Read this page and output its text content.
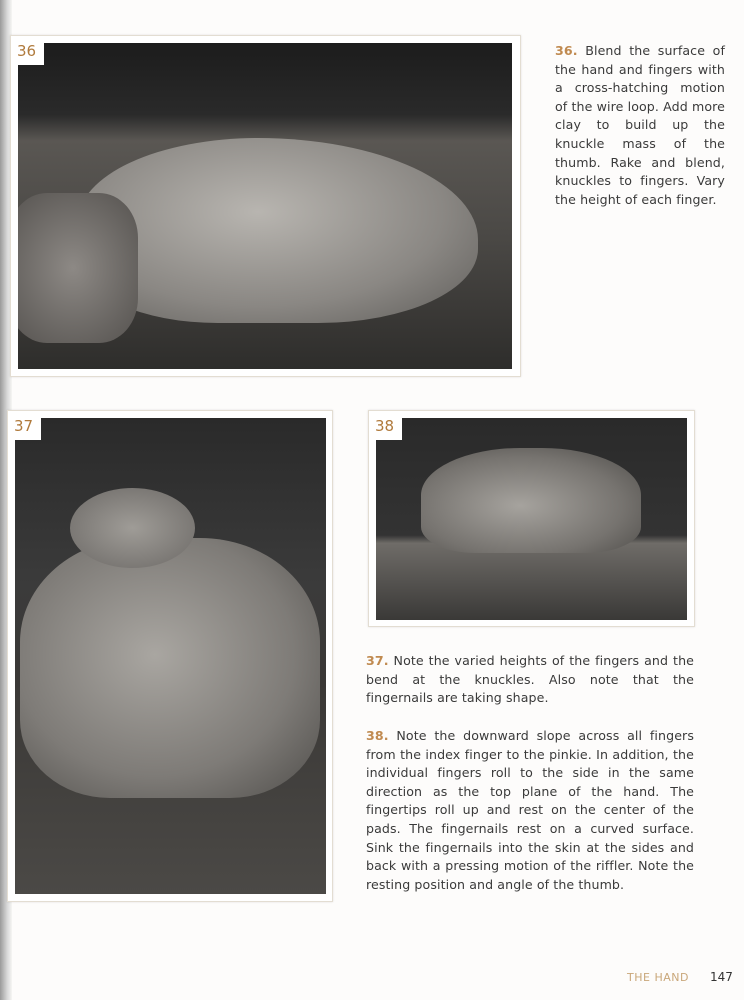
36
37	38
36. Blend the surface of the hand and fingers with a cross-hatching motion of the wire loop. Add more clay to build up the knuckle mass of the thumb. Rake and blend, knuckles to fingers. Vary the height of each finger.
37. Note the varied heights of the fingers and the bend at the knuckles. Also note that the fingernails are taking shape.
38. Note the downward slope across all fingers from the index finger to the pinkie. In addition, the individual fingers roll to the side in the same direction as the top plane of the hand. The fingertips roll up and rest on the center of the pads. The fingernails rest on a curved surface. Sink the fingernails into the skin at the sides and back with a pressing motion of the riffler. Note the resting position and angle of the thumb.
THE HAND 147
